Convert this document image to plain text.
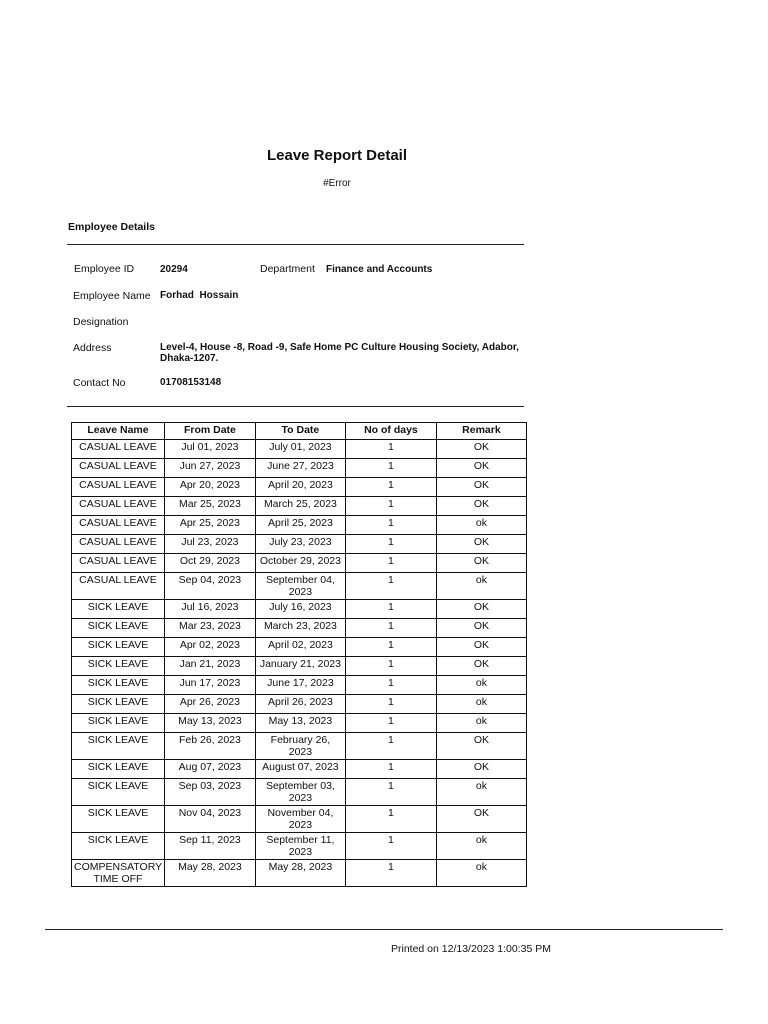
Leave Report Detail
#Error
Employee Details
Employee ID	20294	Department Finance and Accounts
Employee Name Forhad  Hossain
Designation
Address	Level-4, House -8, Road -9, Safe Home PC Culture Housing Society, Adabor, Dhaka-1207.
Contact No	01708153148
Leave Name	From Date	To Date	No of days	Remark
CASUAL LEAVE	Jul 01, 2023	July 01, 2023	1	OK
CASUAL LEAVE	Jun 27, 2023	June 27, 2023	1	OK
CASUAL LEAVE	Apr 20, 2023	April 20, 2023	1	OK
CASUAL LEAVE	Mar 25, 2023	March 25, 2023	1	OK
CASUAL LEAVE	Apr 25, 2023	April 25, 2023	1	ok
CASUAL LEAVE	Jul 23, 2023	July 23, 2023	1	OK
CASUAL LEAVE	Oct 29, 2023	October 29, 2023	1	OK
CASUAL LEAVE	Sep 04, 2023	September 04, 2023	1	ok
SICK LEAVE	Jul 16, 2023	July 16, 2023	1	OK
SICK LEAVE	Mar 23, 2023	March 23, 2023	1	OK
SICK LEAVE	Apr 02, 2023	April 02, 2023	1	OK
SICK LEAVE	Jan 21, 2023	January 21, 2023	1	OK
SICK LEAVE	Jun 17, 2023	June 17, 2023	1	ok
SICK LEAVE	Apr 26, 2023	April 26, 2023	1	ok
SICK LEAVE	May 13, 2023	May 13, 2023	1	ok
SICK LEAVE	Feb 26, 2023	February 26, 2023	1	OK
SICK LEAVE	Aug 07, 2023	August 07, 2023	1	OK
SICK LEAVE	Sep 03, 2023	September 03, 2023	1	ok
SICK LEAVE	Nov 04, 2023	November 04, 2023	1	OK
SICK LEAVE	Sep 11, 2023	September 11, 2023	1	ok
COMPENSATORY TIME OFF	May 28, 2023	May 28, 2023	1	ok
Printed on 12/13/2023 1:00:35 PM
